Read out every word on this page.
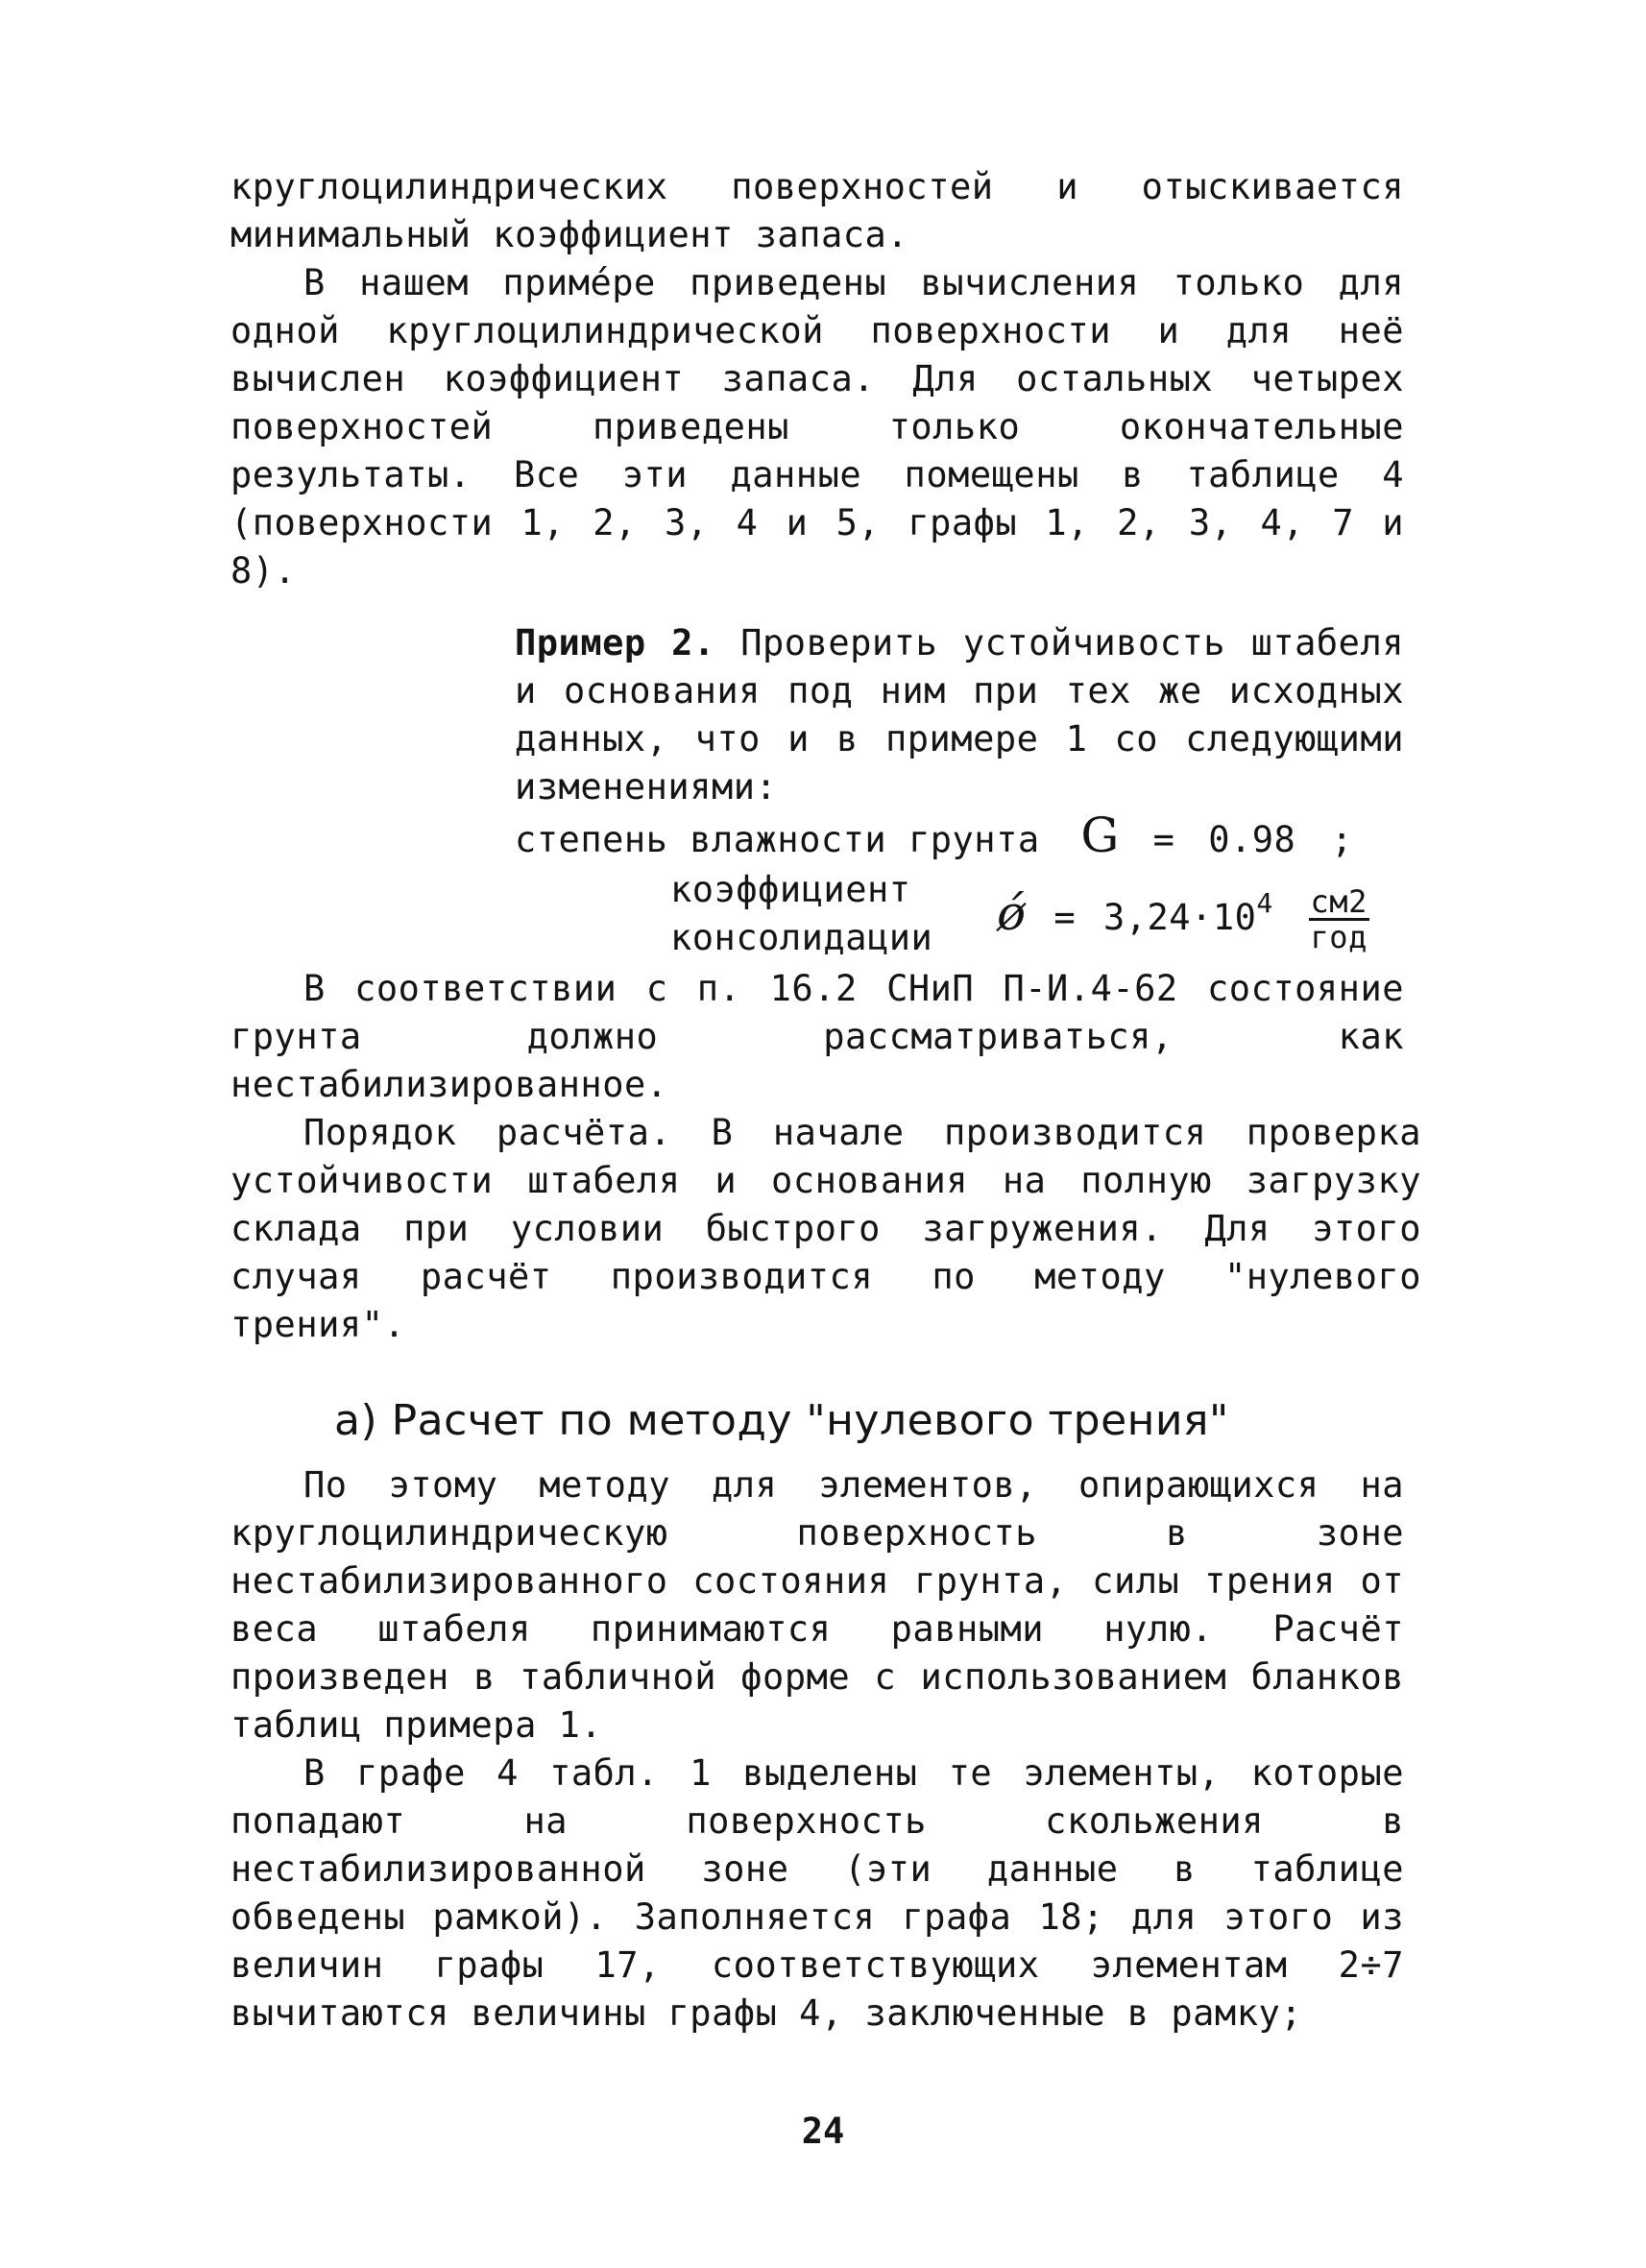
круглоцилиндрических поверхностей и отыскивается минимальный коэффициент запаса.

В нашем приме́ре приведены вычисления только для одной круглоцилиндрической поверхности и для неё вычислен коэффициент запаса. Для остальных четырех поверхностей приведены только окончательные результаты. Все эти данные помещены в таблице 4 (поверхности 1, 2, 3, 4 и 5, графы 1, 2, 3, 4, 7 и 8).

Пример 2. Проверить устойчивость штабеля и основания под ним при тех же исходных данных, что и в примере 1 со следующими изменениями:

степень влажности грунта G = 0.98 ;
коэффициент
консолидации ǿ = $3,24\cdot 10^4 \frac{см2}{\text{год}}$

В соответствии с п. 16.2 СНиП П-И.4-62 состояние грунта должно рассматриваться, как нестабилизированное.

Порядок расчёта. В начале производится проверка устойчивости штабеля и основания на полную загрузку склада при условии быстрого загружения. Для этого случая расчёт производится по методу "нулевого трения".

а) Расчет по методу "нулевого трения"

По этому методу для элементов, опирающихся на круглоцилиндрическую поверхность в зоне нестабилизированного состояния грунта, силы трения от веса штабеля принимаются равными нулю. Расчёт произведен в табличной форме с использованием бланков таблиц примера 1.

В графе 4 табл. 1 выделены те элементы, которые попадают на поверхность скольжения в нестабилизированной зоне (эти данные в таблице обведены рамкой). Заполняется графа 18; для этого из величин графы 17, соответствующих элементам 2÷7 вычитаются величины графы 4, заключенные в рамку;

24
